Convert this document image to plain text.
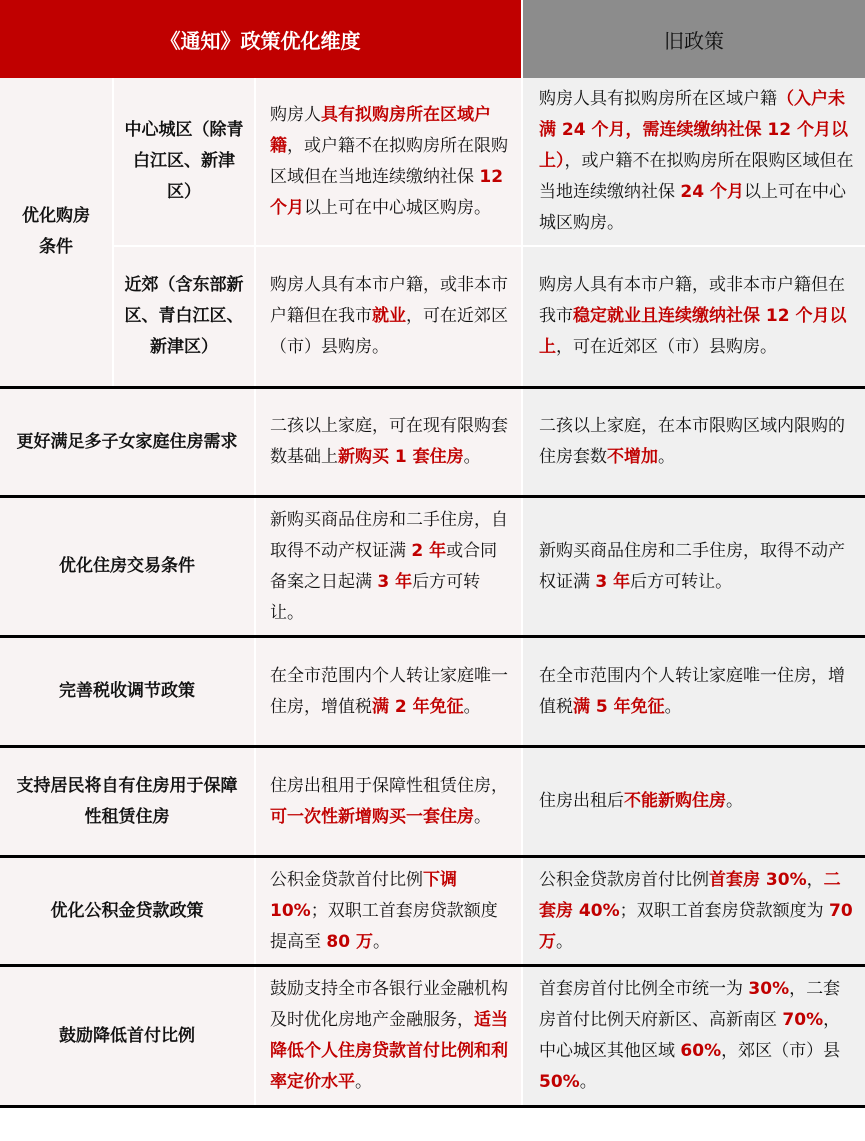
《通知》政策优化维度			旧政策
优化购房条件	中心城区（除青白江区、新津区）	购房人具有拟购房所在区域户籍，或户籍不在拟购房所在限购区域但在当地连续缴纳社保 12 个月以上可在中心城区购房。	购房人具有拟购房所在区域户籍（入户未满 24 个月，需连续缴纳社保 12 个月以上），或户籍不在拟购房所在限购区域但在当地连续缴纳社保 24 个月以上可在中心城区购房。
	近郊（含东部新区、青白江区、新津区）	购房人具有本市户籍，或非本市户籍但在我市就业，可在近郊区（市）县购房。	购房人具有本市户籍，或非本市户籍但在我市稳定就业且连续缴纳社保 12 个月以上，可在近郊区（市）县购房。
更好满足多子女家庭住房需求		二孩以上家庭，可在现有限购套数基础上新购买 1 套住房。	二孩以上家庭，在本市限购区域内限购的住房套数不增加。
优化住房交易条件		新购买商品住房和二手住房，自取得不动产权证满 2 年或合同备案之日起满 3 年后方可转让。	新购买商品住房和二手住房，取得不动产权证满 3 年后方可转让。
完善税收调节政策		在全市范围内个人转让家庭唯一住房，增值税满 2 年免征。	在全市范围内个人转让家庭唯一住房，增值税满 5 年免征。
支持居民将自有住房用于保障性租赁住房		住房出租用于保障性租赁住房，可一次性新增购买一套住房。	住房出租后不能新购住房。
优化公积金贷款政策		公积金贷款首付比例下调 10%；双职工首套房贷款额度提高至 80 万。	公积金贷款房首付比例首套房 30%，二套房 40%；双职工首套房贷款额度为 70 万。
鼓励降低首付比例		鼓励支持全市各银行业金融机构及时优化房地产金融服务，适当降低个人住房贷款首付比例和利率定价水平。	首套房首付比例全市统一为 30%，二套房首付比例天府新区、高新南区 70%，中心城区其他区域 60%，郊区（市）县 50%。
